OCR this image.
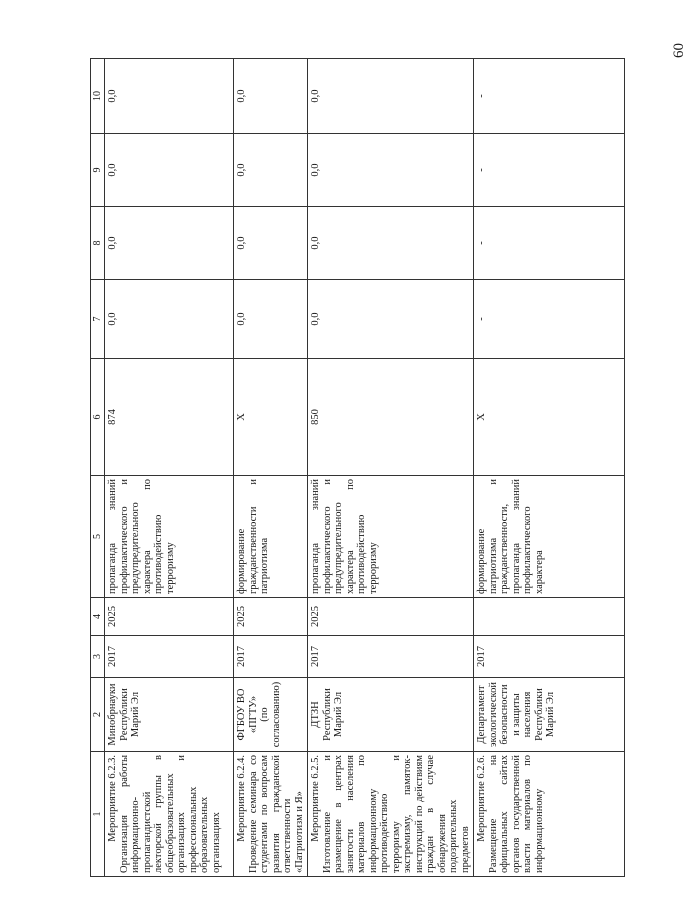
60
1	2	3	4	5	6	7	8	9	10

Мероприятие 6.2.3. Организация работы информационно-пропагандистской лекторской группы в общеобразовательных организациях и профессиональных образовательных организациях	Минобрнауки Республики Марий Эл	2017	2025	пропаганда знаний профилактического и предупредительного характера по противодействию терроризму	874	0,0	0,0	0,0	0,0

Мероприятие 6.2.4. Проведение семинара со студентами по вопросам развития гражданской ответственности «Патриотизм и Я»	ФГБОУ ВО «ПГТУ» (по согласованию)	2017	2025	формирование гражданственности и патриотизма	X	0,0	0,0	0,0	0,0

Мероприятие 6.2.5. Изготовление и размещение в центрах занятости населения материалов по информационному противодействию терроризму и экстремизму, памяток-инструкций по действиям граждан в случае обнаружения подозрительных предметов	ДТЗН Республики Марий Эл	2017	2025	пропаганда знаний профилактического и предупредительного характера по противодействию терроризму	850	0,0	0,0	0,0	0,0

Мероприятие 6.2.6. Размещение на официальных сайтах органов государственной власти материалов по информационному	Департамент экологической безопасности и защиты населения Республики Марий Эл	2017		формирование патриотизма и гражданственности, пропаганда знаний профилактического характера	X	-	-	-	-
